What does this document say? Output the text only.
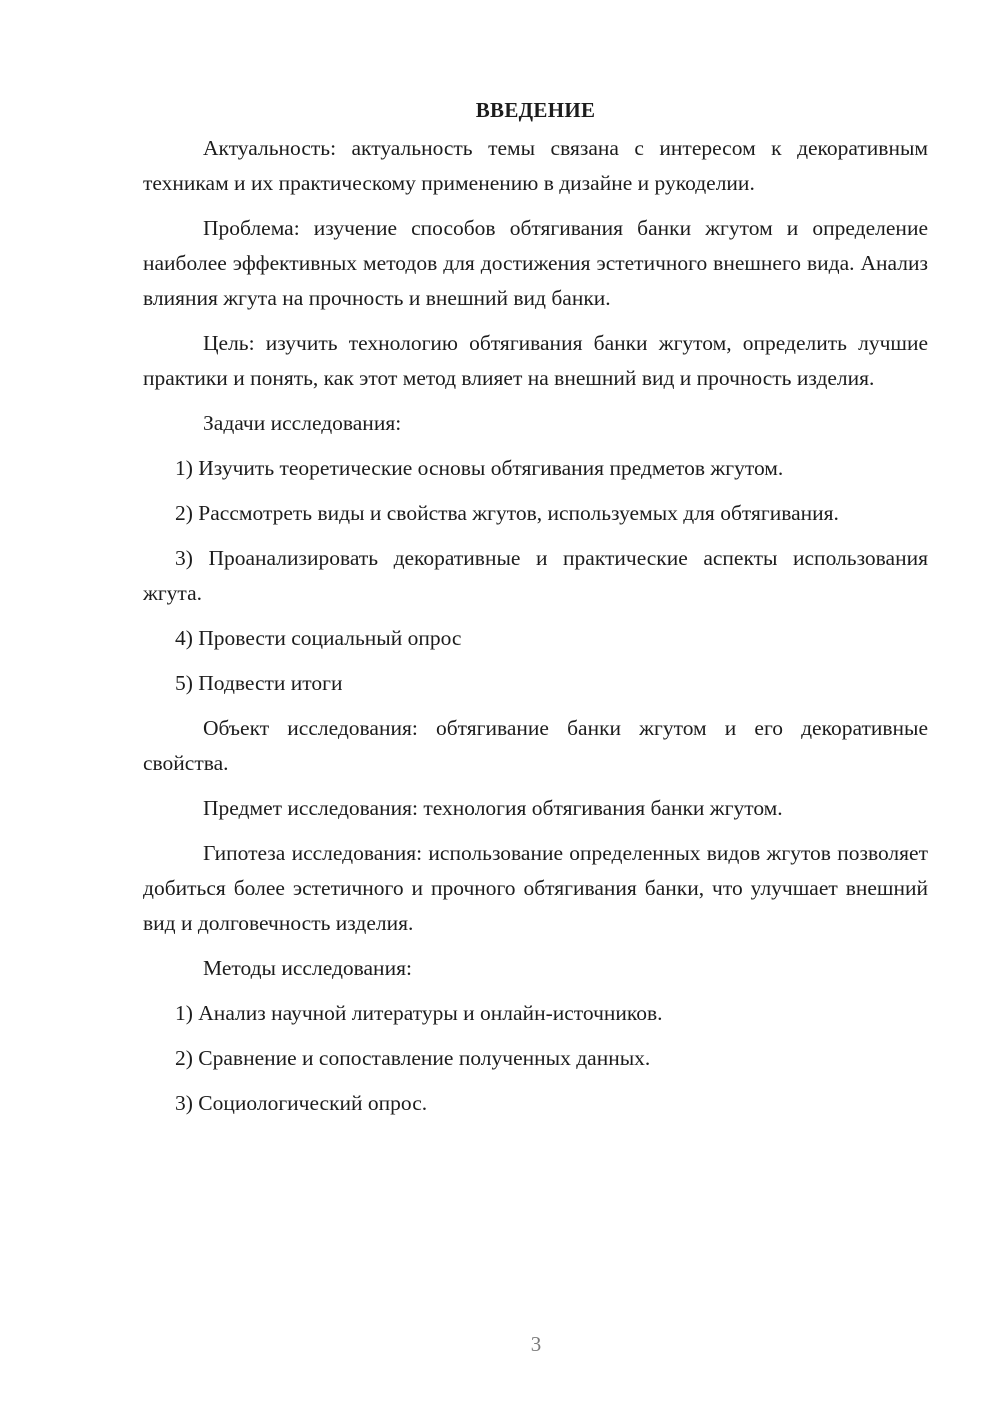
ВВЕДЕНИЕ

Актуальность: актуальность темы связана с интересом к декоративным техникам и их практическому применению в дизайне и рукоделии.

Проблема: изучение способов обтягивания банки жгутом и определение наиболее эффективных методов для достижения эстетичного внешнего вида. Анализ влияния жгута на прочность и внешний вид банки.

Цель: изучить технологию обтягивания банки жгутом, определить лучшие практики и понять, как этот метод влияет на внешний вид и прочность изделия.

Задачи исследования:

1) Изучить теоретические основы обтягивания предметов жгутом.

2) Рассмотреть виды и свойства жгутов, используемых для обтягивания.

3) Проанализировать декоративные и практические аспекты использования жгута.

4) Провести социальный опрос

5) Подвести итоги

Объект исследования: обтягивание банки жгутом и его декоративные свойства.

Предмет исследования: технология обтягивания банки жгутом.

Гипотеза исследования: использование определенных видов жгутов позволяет добиться более эстетичного и прочного обтягивания банки, что улучшает внешний вид и долговечность изделия.

Методы исследования:

1) Анализ научной литературы и онлайн-источников.

2) Сравнение и сопоставление полученных данных.

3) Социологический опрос.

3
